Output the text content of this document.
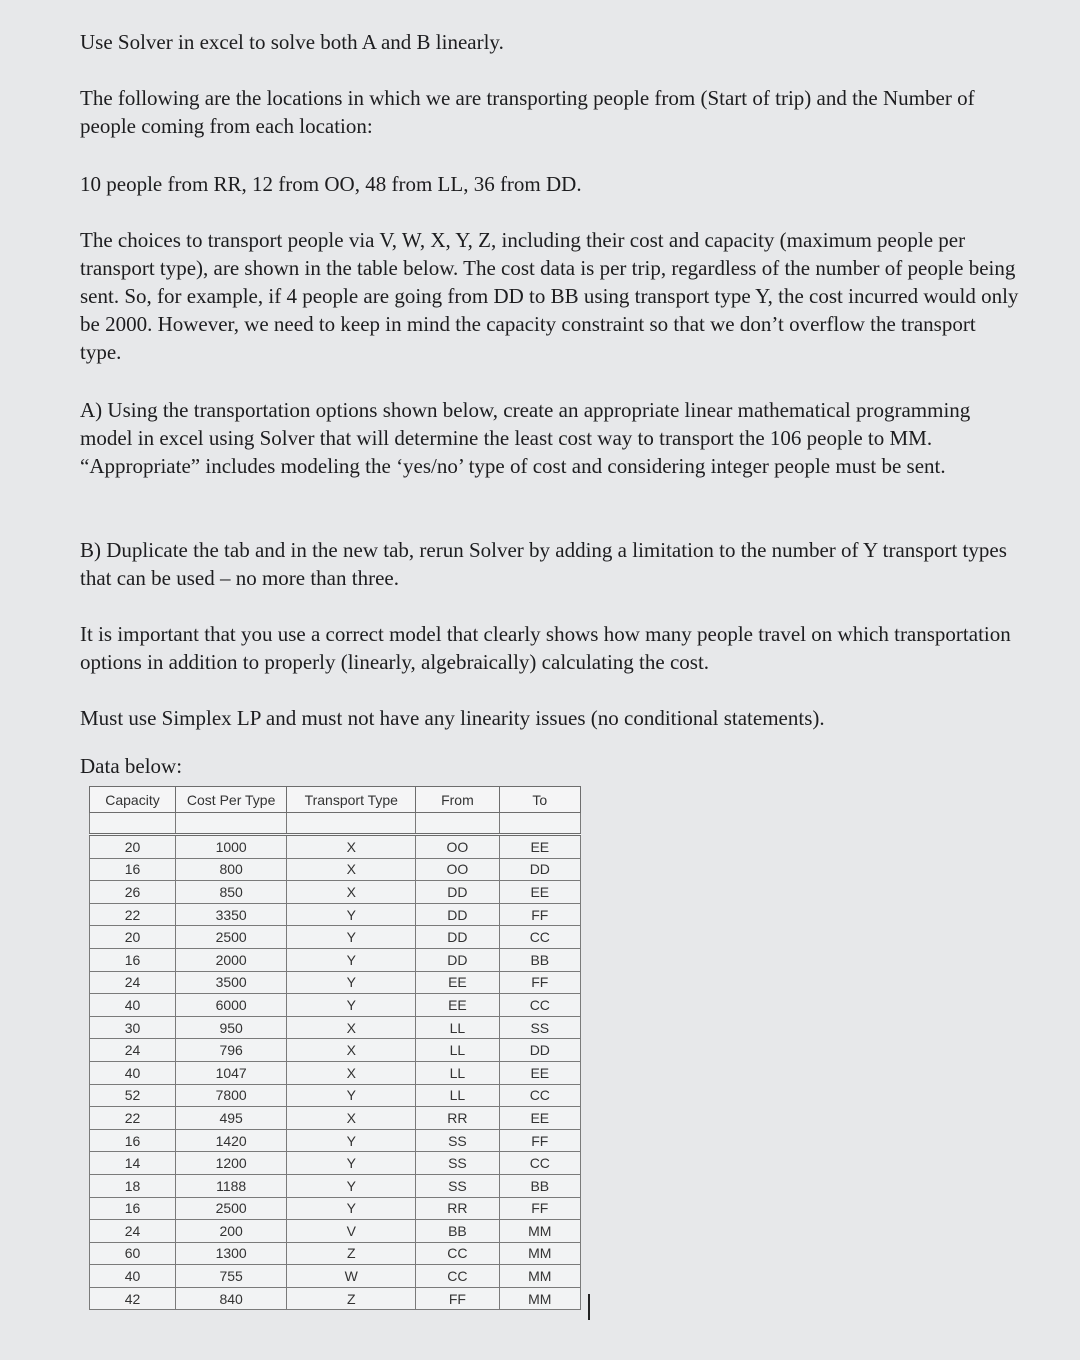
Use Solver in excel to solve both A and B linearly.

The following are the locations in which we are transporting people from (Start of trip) and the Number of people coming from each location:

10 people from RR, 12 from OO, 48 from LL, 36 from DD.

The choices to transport people via V, W, X, Y, Z, including their cost and capacity (maximum people per transport type), are shown in the table below. The cost data is per trip, regardless of the number of people being sent. So, for example, if 4 people are going from DD to BB using transport type Y, the cost incurred would only be 2000. However, we need to keep in mind the capacity constraint so that we don’t overflow the transport type.

A) Using the transportation options shown below, create an appropriate linear mathematical programming model in excel using Solver that will determine the least cost way to transport the 106 people to MM. “Appropriate” includes modeling the ‘yes/no’ type of cost and considering integer people must be sent.

B) Duplicate the tab and in the new tab, rerun Solver by adding a limitation to the number of Y transport types that can be used – no more than three.

It is important that you use a correct model that clearly shows how many people travel on which transportation options in addition to properly (linearly, algebraically) calculating the cost.

Must use Simplex LP and must not have any linearity issues (no conditional statements).

Data below:

Capacity	Cost Per Type	Transport Type	From	To

20	1000	X	OO	EE
16	800	X	OO	DD
26	850	X	DD	EE
22	3350	Y	DD	FF
20	2500	Y	DD	CC
16	2000	Y	DD	BB
24	3500	Y	EE	FF
40	6000	Y	EE	CC
30	950	X	LL	SS
24	796	X	LL	DD
40	1047	X	LL	EE
52	7800	Y	LL	CC
22	495	X	RR	EE
16	1420	Y	SS	FF
14	1200	Y	SS	CC
18	1188	Y	SS	BB
16	2500	Y	RR	FF
24	200	V	BB	MM
60	1300	Z	CC	MM
40	755	W	CC	MM
42	840	Z	FF	MM
